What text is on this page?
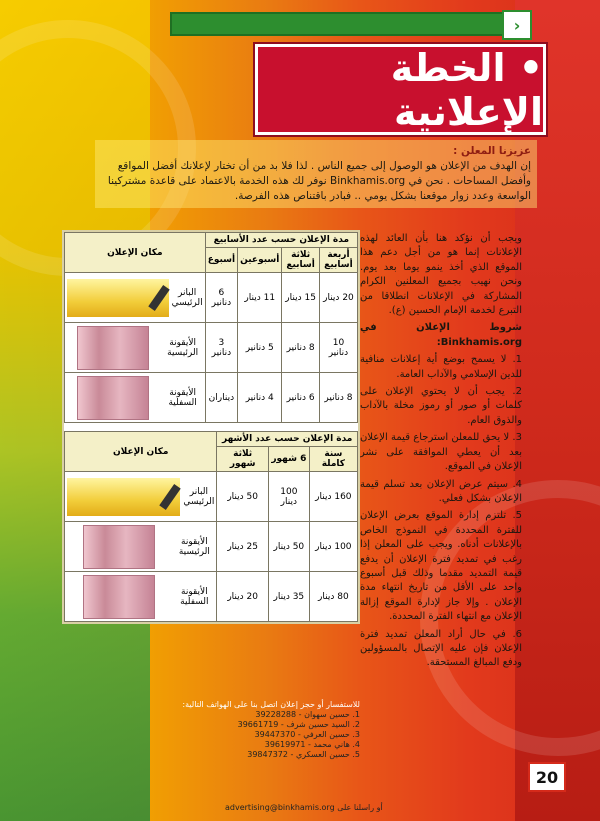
‹
• الخطة الإعلانية
عزيزنا المعلن :
إن الهدف من الإعلان هو الوصول إلى جميع الناس . لذا فلا بد من أن تختار لإعلانك أفضل المواقع وأفضل المساحات . نحن في Binkhamis.org نوفر لك هذه الخدمة بالاعتماد على قاعدة مشتركينا الواسعة وعدد زوار موقعنا بشكل يومي .. فبادر باقتناص هذه الفرصة.

ويجب أن نؤكد هنا بأن العائد لهذه الإعلانات إنما هو من أجل دعم هذا الموقع الذي أخذ ينمو يوما بعد يوم. ونحن نهيب بجميع المعلنين الكرام المشاركة في الإعلانات انطلاقا من التبرع لخدمة الإمام الحسين (ع).

شروط الإعلان في Binkhamis.org:

1. لا يسمح بوضع أية إعلانات منافية للدين الإسلامي والآداب العامة.

2. يجب أن لا يحتوي الإعلان على كلمات أو صور أو رموز مخلة بالآداب والذوق العام.

3. لا يحق للمعلن استرجاع قيمة الإعلان بعد أن يعطي الموافقة على نشر الإعلان في الموقع.

4. سيتم عرض الإعلان بعد تسلم قيمة الإعلان بشكل فعلي.

5. تلتزم إدارة الموقع بعرض الإعلان للفترة المحددة في النموذج الخاص بالإعلانات أدناه. ويجب على المعلن إذا رغب في تمديد فترة الإعلان أن يدفع قيمة التمديد مقدما وذلك قبل أسبوع واحد على الأقل من تاريخ انتهاء مدة الإعلان . وإلا جاز لإدارة الموقع إزالة الإعلان مع انتهاء الفترة المحددة.

6. في حال أراد المعلن تمديد فترة الإعلان فإن عليه الإتصال بالمسؤولين ودفع المبالغ المستحقة.

مدة الإعلان حسب عدد الأسابيع				مكان الإعلان
أربعة أسابيع	ثلاثة أسابيع	أسبوعين	أسبوع	
20 دينار	15 دينار	11 دينار	6 دنانير	البانر الرئيسي

10 دنانير	8 دنانير	5 دنانير	3 دنانير	الأيقونة الرئيسية

8 دنانير	6 دنانير	4 دنانير	ديناران	الأيقونة السفلية
مدة الإعلان حسب عدد الأشهر			مكان الإعلان
سنة كاملة	6 شهور	ثلاثة شهور	
160 دينار	100 دينار	50 دينار	البانر الرئيسي

100 دينار	50 دينار	25 دينار	الأيقونة الرئيسية

80 دينار	35 دينار	20 دينار	الأيقونة السفلية
للاستفسار أو حجز إعلان اتصل بنا على الهواتف التالية:
1. حسين سهوان - 39228288
2. السيد حسين شرف - 39661719
3. حسين العرفي - 39447370
4. هاني محمد - 39619971
5. حسين العسكري - 39847372
أو راسلنا على advertising@binkhamis.org
20
